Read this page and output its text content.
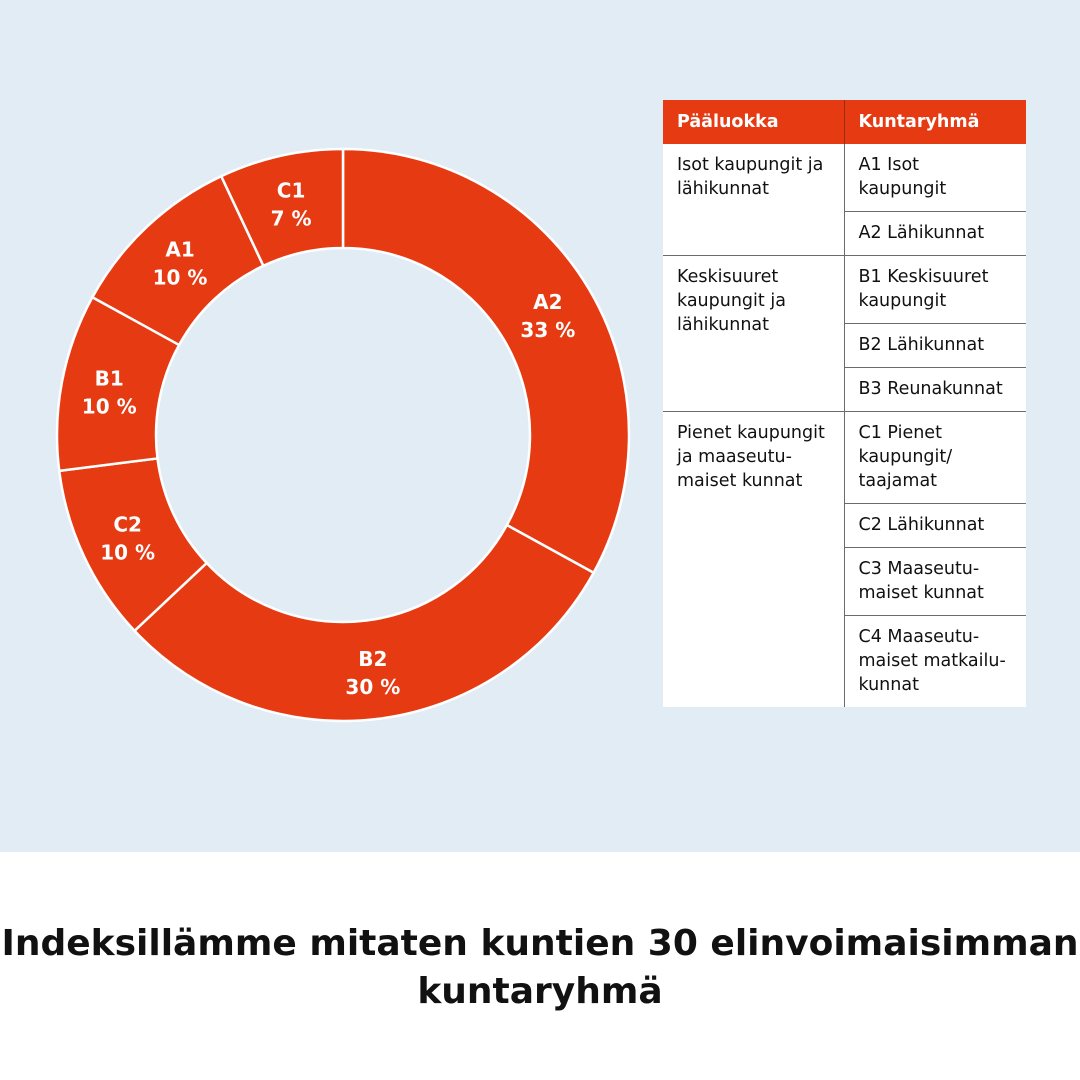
A2
33 %
B2
30 %
C2
10 %
B1
10 %
A1
10 %
C1
7 %
Pääluokka	Kuntaryhmä
Isot kaupungit ja lähikunnat	A1 Isot kaupungit
	A2 Lähikunnat
Keskisuuret kaupungit ja lähikunnat	B1 Keskisuuret kaupungit
	B2 Lähikunnat
	B3 Reunakunnat
Pienet kaupungit ja maaseutu-maiset kunnat	C1 Pienet kaupungit/ taajamat
	C2 Lähikunnat
	C3 Maaseutu-maiset kunnat
	C4 Maaseutu-maiset matkailu-kunnat
Indeksillämme mitaten kuntien 30 elinvoimaisimman kuntaryhmä
